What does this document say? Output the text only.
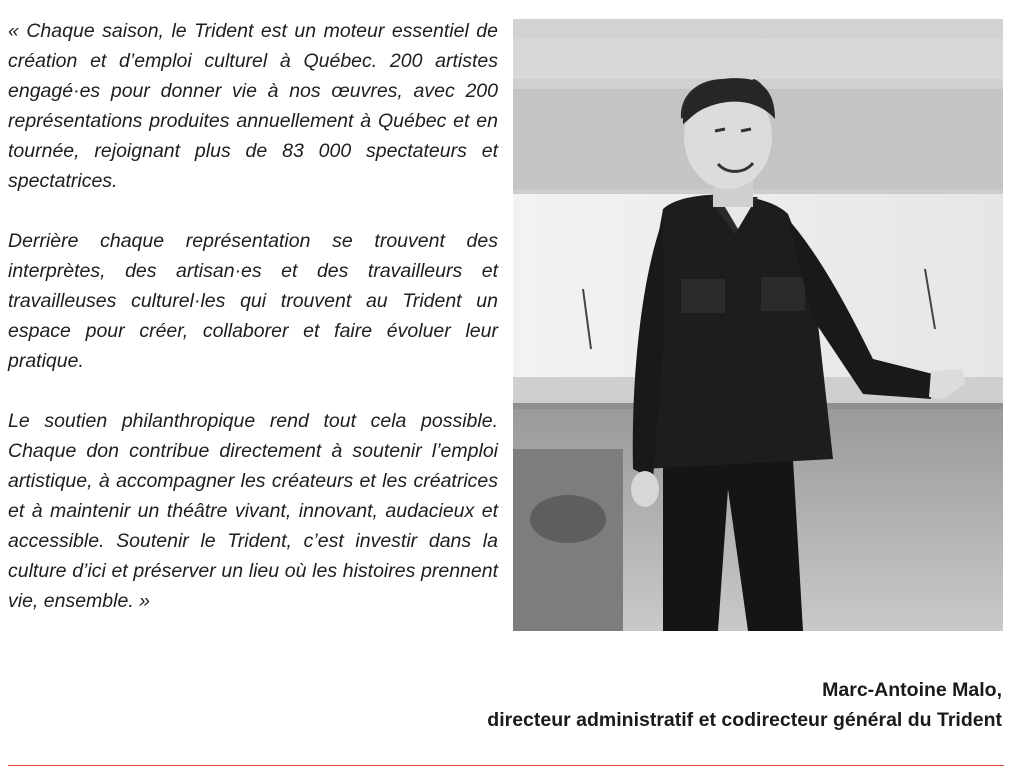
« Chaque saison, le Trident est un moteur essentiel de création et d’emploi culturel à Québec. 200 artistes engagé·es pour donner vie à nos œuvres, avec 200 représentations produites annuellement à Québec et en tournée, rejoignant plus de 83 000 spectateurs et spectatrices.

Derrière chaque représentation se trouvent des interprètes, des artisan·es et des travailleurs et travailleuses culturel·les qui trouvent au Trident un espace pour créer, collaborer et faire évoluer leur pratique.

Le soutien philanthropique rend tout cela possible. Chaque don contribue directement à soutenir l’emploi artistique, à accompagner les créateurs et les créatrices et à maintenir un théâtre vivant, innovant, audacieux et accessible. Soutenir le Trident, c’est investir dans la culture d’ici et préserver un lieu où les histoires prennent vie, ensemble. »

Marc-Antoine Malo,
directeur administratif et codirecteur général du Trident
